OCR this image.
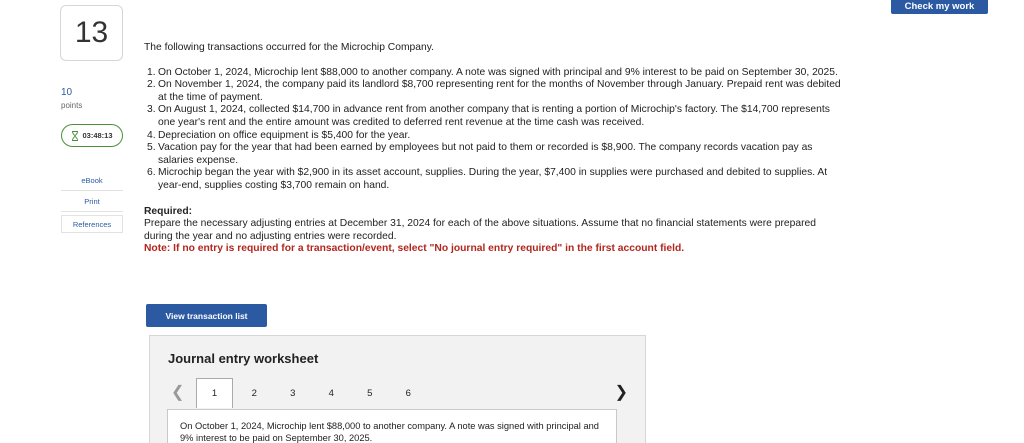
Check my work
13
10
points
03:48:13
eBook
Print
References

The following transactions occurred for the Microchip Company.

1. On October 1, 2024, Microchip lent $88,000 to another company. A note was signed with principal and 9% interest to be paid on September 30, 2025.
2. On November 1, 2024, the company paid its landlord $8,700 representing rent for the months of November through January. Prepaid rent was debited at the time of payment.
3. On August 1, 2024, collected $14,700 in advance rent from another company that is renting a portion of Microchip's factory. The $14,700 represents one year's rent and the entire amount was credited to deferred rent revenue at the time cash was received.
4. Depreciation on office equipment is $5,400 for the year.
5. Vacation pay for the year that had been earned by employees but not paid to them or recorded is $8,900. The company records vacation pay as salaries expense.
6. Microchip began the year with $2,900 in its asset account, supplies. During the year, $7,400 in supplies were purchased and debited to supplies. At year-end, supplies costing $3,700 remain on hand.
Required:
Prepare the necessary adjusting entries at December 31, 2024 for each of the above situations. Assume that no financial statements were prepared during the year and no adjusting entries were recorded.
Note: If no entry is required for a transaction/event, select "No journal entry required" in the first account field.
View transaction list
Journal entry worksheet
❮	1	2	3	4	5	6	❯
On October 1, 2024, Microchip lent $88,000 to another company. A note was signed with principal and 9% interest to be paid on September 30, 2025.
